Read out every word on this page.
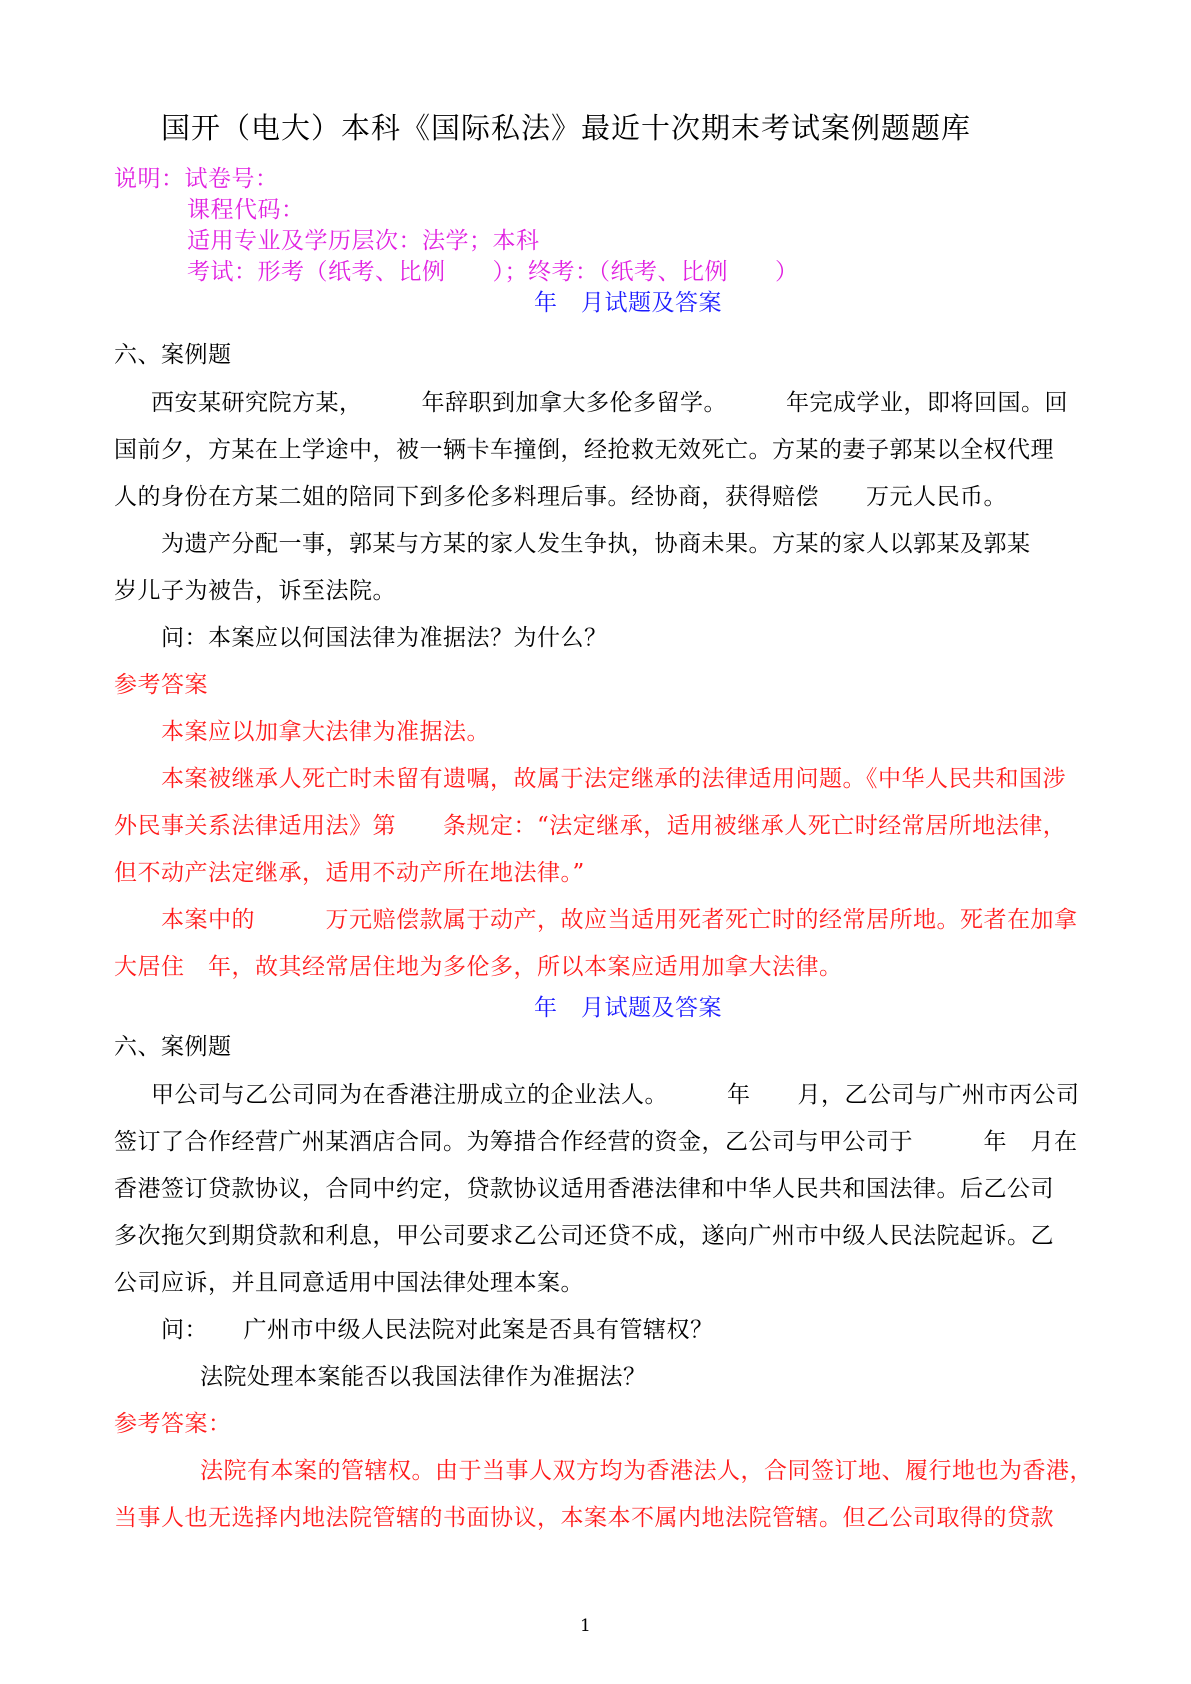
国开（电大）本科《国际私法》最近十次期末考试案例题题库
说明：试卷号：
课程代码：
适用专业及学历层次：法学；本科
考试：形考（纸考、比例　　）；终考：（纸考、比例　　）
年　月试题及答案
六、案例题
西安某研究院方某，　　　年辞职到加拿大多伦多留学。　　　年完成学业，即将回国。回
国前夕，方某在上学途中，被一辆卡车撞倒，经抢救无效死亡。方某的妻子郭某以全权代理
人的身份在方某二姐的陪同下到多伦多料理后事。经协商，获得赔偿　　万元人民币。
为遗产分配一事，郭某与方某的家人发生争执，协商未果。方某的家人以郭某及郭某
岁儿子为被告，诉至法院。
问：本案应以何国法律为准据法？为什么？
参考答案
本案应以加拿大法律为准据法。
本案被继承人死亡时未留有遗嘱，故属于法定继承的法律适用问题。《中华人民共和国涉
外民事关系法律适用法》第　　条规定：“法定继承，适用被继承人死亡时经常居所地法律，
但不动产法定继承，适用不动产所在地法律。”
本案中的　　　万元赔偿款属于动产，故应当适用死者死亡时的经常居所地。死者在加拿
大居住　年，故其经常居住地为多伦多，所以本案应适用加拿大法律。
年　月试题及答案
六、案例题
甲公司与乙公司同为在香港注册成立的企业法人。　　　年　　月，乙公司与广州市丙公司
签订了合作经营广州某酒店合同。为筹措合作经营的资金，乙公司与甲公司于　　　年　月在
香港签订贷款协议，合同中约定，贷款协议适用香港法律和中华人民共和国法律。后乙公司
多次拖欠到期贷款和利息，甲公司要求乙公司还贷不成，遂向广州市中级人民法院起诉。乙
公司应诉，并且同意适用中国法律处理本案。
问：　　广州市中级人民法院对此案是否具有管辖权？
法院处理本案能否以我国法律作为准据法？
参考答案：
法院有本案的管辖权。由于当事人双方均为香港法人，合同签订地、履行地也为香港，
当事人也无选择内地法院管辖的书面协议，本案本不属内地法院管辖。但乙公司取得的贷款
1
